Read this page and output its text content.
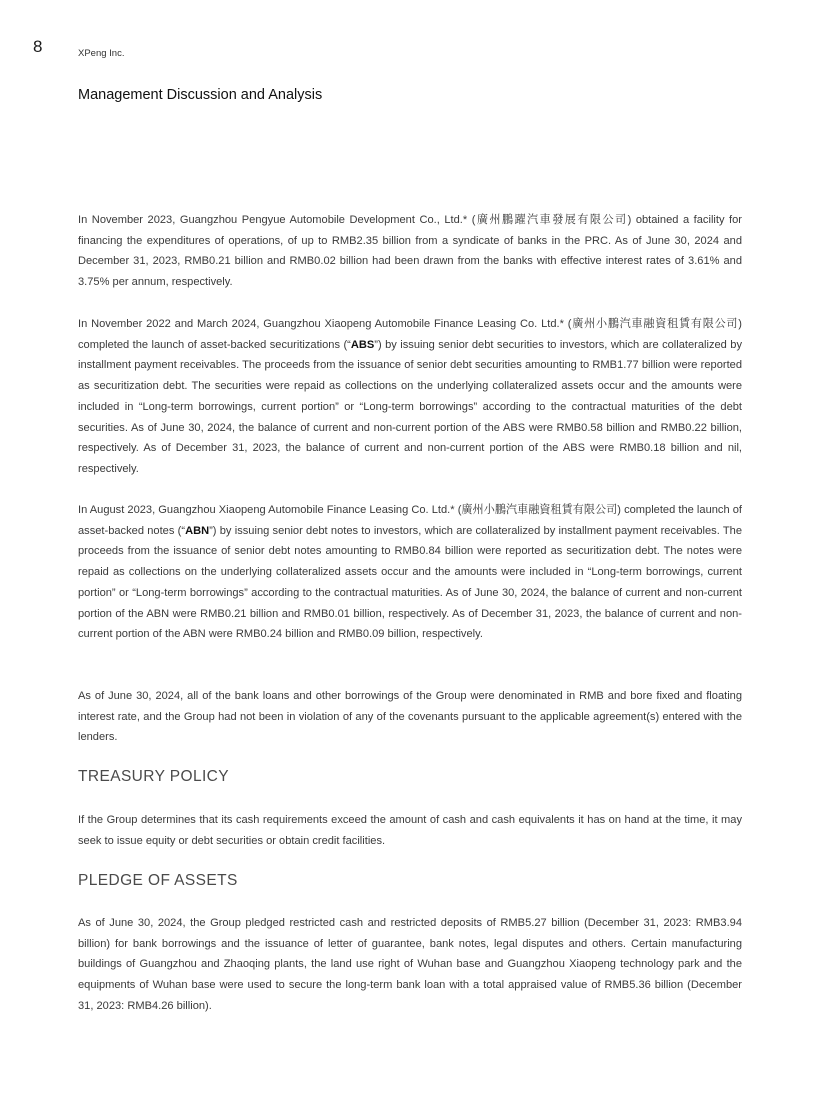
8	XPeng Inc.
Management Discussion and Analysis

In November 2023, Guangzhou Pengyue Automobile Development Co., Ltd.* (廣州鵬躍汽車發展有限公司) obtained a facility for financing the expenditures of operations, of up to RMB2.35 billion from a syndicate of banks in the PRC. As of June 30, 2024 and December 31, 2023, RMB0.21 billion and RMB0.02 billion had been drawn from the banks with effective interest rates of 3.61% and 3.75% per annum, respectively.

In November 2022 and March 2024, Guangzhou Xiaopeng Automobile Finance Leasing Co. Ltd.* (廣州小鵬汽車融資租賃有限公司) completed the launch of asset-backed securitizations (“ABS”) by issuing senior debt securities to investors, which are collateralized by installment payment receivables. The proceeds from the issuance of senior debt securities amounting to RMB1.77 billion were reported as securitization debt. The securities were repaid as collections on the underlying collateralized assets occur and the amounts were included in “Long-term borrowings, current portion” or “Long-term borrowings” according to the contractual maturities of the debt securities. As of June 30, 2024, the balance of current and non-current portion of the ABS were RMB0.58 billion and RMB0.22 billion, respectively. As of December 31, 2023, the balance of current and non-current portion of the ABS were RMB0.18 billion and nil, respectively.

In August 2023, Guangzhou Xiaopeng Automobile Finance Leasing Co. Ltd.* (廣州小鵬汽車融資租賃有限公司) completed the launch of asset-backed notes (“ABN”) by issuing senior debt notes to investors, which are collateralized by installment payment receivables. The proceeds from the issuance of senior debt notes amounting to RMB0.84 billion were reported as securitization debt. The notes were repaid as collections on the underlying collateralized assets occur and the amounts were included in “Long-term borrowings, current portion” or “Long-term borrowings” according to the contractual maturities. As of June 30, 2024, the balance of current and non-current portion of the ABN were RMB0.21 billion and RMB0.01 billion, respectively. As of December 31, 2023, the balance of current and non-current portion of the ABN were RMB0.24 billion and RMB0.09 billion, respectively.

As of June 30, 2024, all of the bank loans and other borrowings of the Group were denominated in RMB and bore fixed and floating interest rate, and the Group had not been in violation of any of the covenants pursuant to the applicable agreement(s) entered with the lenders.

TREASURY POLICY

If the Group determines that its cash requirements exceed the amount of cash and cash equivalents it has on hand at the time, it may seek to issue equity or debt securities or obtain credit facilities.

PLEDGE OF ASSETS

As of June 30, 2024, the Group pledged restricted cash and restricted deposits of RMB5.27 billion (December 31, 2023: RMB3.94 billion) for bank borrowings and the issuance of letter of guarantee, bank notes, legal disputes and others. Certain manufacturing buildings of Guangzhou and Zhaoqing plants, the land use right of Wuhan base and Guangzhou Xiaopeng technology park and the equipments of Wuhan base were used to secure the long-term bank loan with a total appraised value of RMB5.36 billion (December 31, 2023: RMB4.26 billion).
